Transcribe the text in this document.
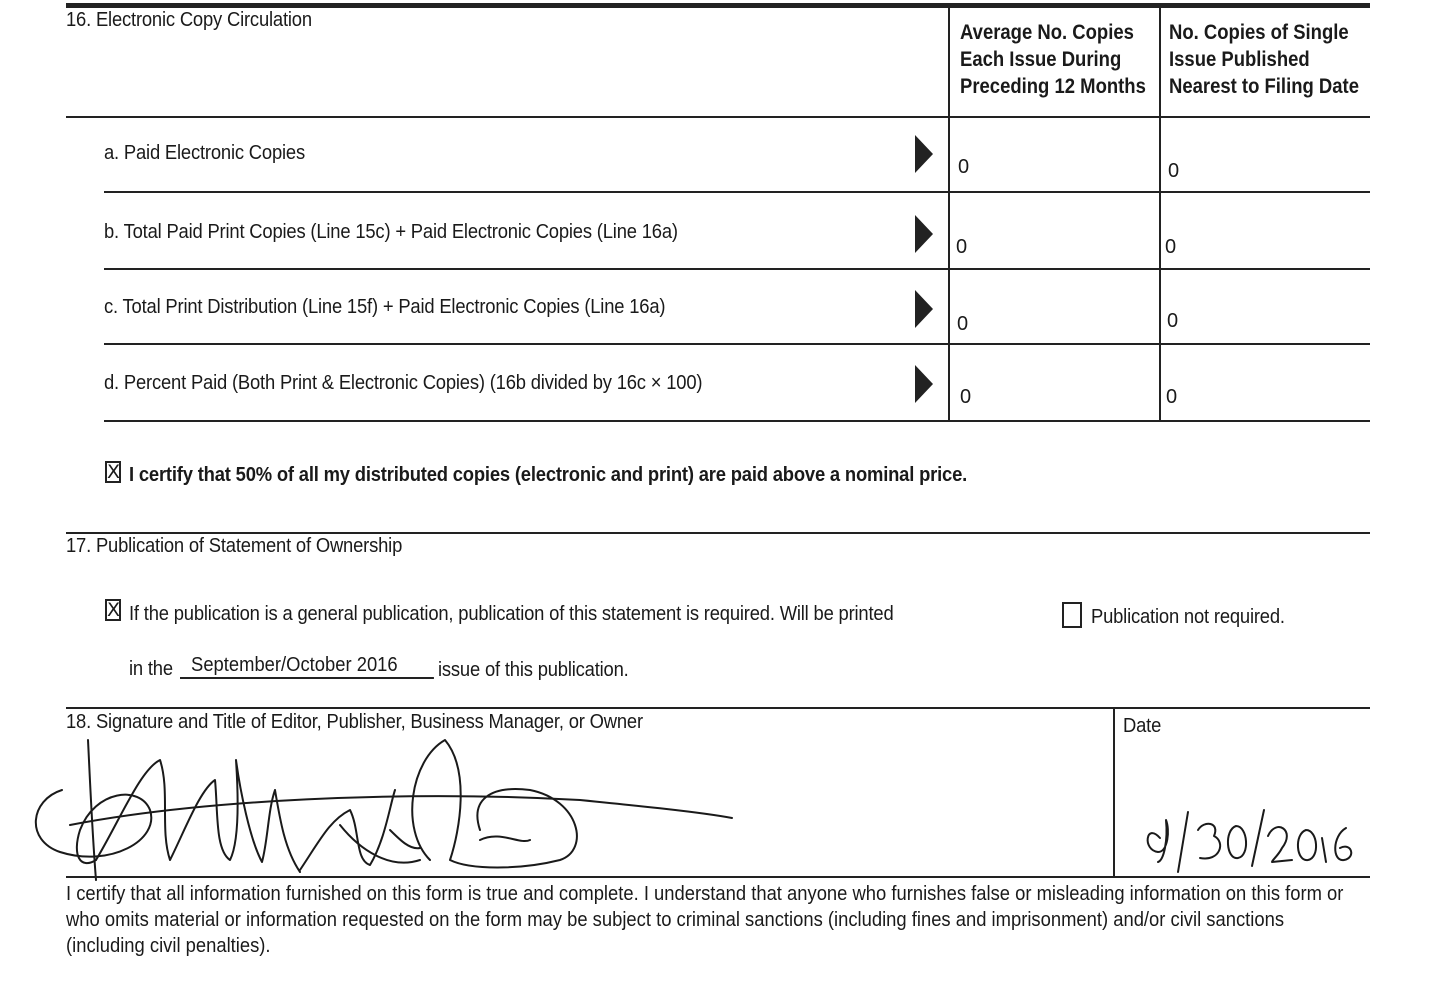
16. Electronic Copy Circulation
Average No. Copies
Each Issue During
Preceding 12 Months
No. Copies of Single
Issue Published
Nearest to Filing Date
a. Paid Electronic Copies
0	0
b. Total Paid Print Copies (Line 15c) + Paid Electronic Copies (Line 16a)
0	0
c. Total Print Distribution (Line 15f) + Paid Electronic Copies (Line 16a)
0	0
d. Percent Paid (Both Print & Electronic Copies) (16b divided by 16c × 100)
0	0
X I certify that 50% of all my distributed copies (electronic and print) are paid above a nominal price.
17. Publication of Statement of Ownership
X If the publication is a general publication, publication of this statement is required. Will be printed	Publication not required.
in the September/October 2016	issue of this publication.
18. Signature and Title of Editor, Publisher, Business Manager, or Owner	Date
I certify that all information furnished on this form is true and complete. I understand that anyone who furnishes false or misleading information on this form or who omits material or information requested on the form may be subject to criminal sanctions (including fines and imprisonment) and/or civil sanctions (including civil penalties).
